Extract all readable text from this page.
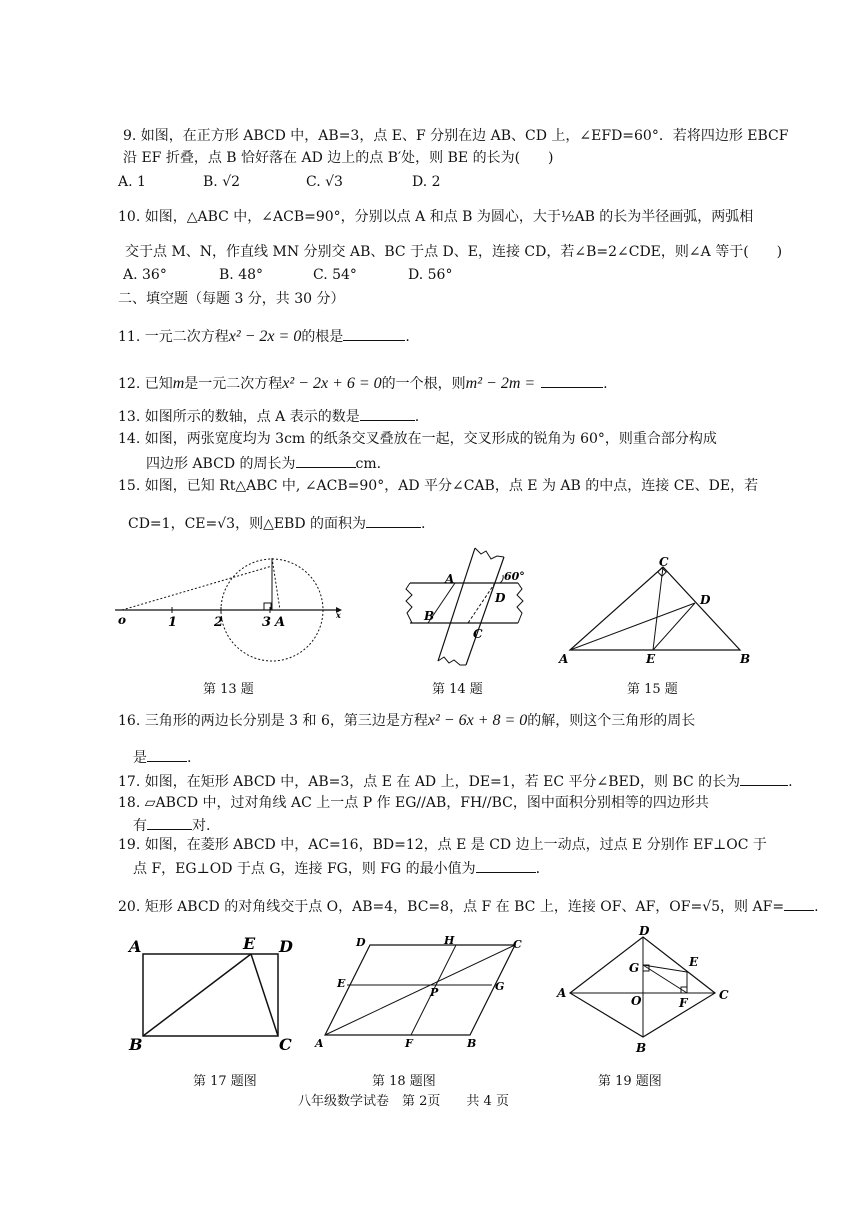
9. 如图，在正方形 ABCD 中，AB=3，点 E、F 分别在边 AB、CD 上，∠EFD=60°．若将四边形 EBCF
沿 EF 折叠，点 B 恰好落在 AD 边上的点 B′处，则 BE 的长为(　　)
A. 1	B. √2	C. √3	D. 2
10. 如图，△ABC 中，∠ACB=90°，分别以点 A 和点 B 为圆心，大于½AB 的长为半径画弧，两弧相
交于点 M、N，作直线 MN 分别交 AB、BC 于点 D、E，连接 CD，若∠B=2∠CDE，则∠A 等于(　　)
A. 36°	B. 48°	C. 54°	D. 56°
二、填空题（每题 3 分，共 30 分）
11. 一元二次方程x² − 2x = 0的根是	.
12. 已知m是一元二次方程x² − 2x + 6 = 0的一个根，则m² − 2m =	.
13. 如图所示的数轴，点 A 表示的数是	.
14. 如图，两张宽度均为 3cm 的纸条交叉叠放在一起，交叉形成的锐角为 60°，则重合部分构成
四边形 ABCD 的周长为	cm.
15. 如图，已知 Rt△ABC 中, ∠ACB=90°，AD 平分∠CAB，点 E 为 AB 的中点，连接 CE、DE，若
CD=1，CE=√3，则△EBD 的面积为	.
o	1	2	3 A	x
第 13 题
A
D
B
C
60°
第 14 题
C
D
A	E	B
第 15 题
16. 三角形的两边长分别是 3 和 6，第三边是方程x² − 6x + 8 = 0的解，则这个三角形的周长
是	.
17. 如图，在矩形 ABCD 中，AB=3，点 E 在 AD 上，DE=1，若 EC 平分∠BED，则 BC 的长为	.
18. ▱ABCD 中，过对角线 AC 上一点 P 作 EG//AB，FH//BC，图中面积分别相等的四边形共
有	对.
19. 如图，在菱形 ABCD 中，AC=16，BD=12，点 E 是 CD 边上一动点，过点 E 分别作 EF⊥OC 于
点 F，EG⊥OD 于点 G，连接 FG，则 FG 的最小值为	.
20. 矩形 ABCD 的对角线交于点 O，AB=4，BC=8，点 F 在 BC 上，连接 OF、AF，OF=√5，则 AF= .
A	E D
B	C
第 17 题图
D	H	C
E
P	G
A	F	B
第 18 题图
D
G	E
A
O	F
C
B
第 19 题图
八年级数学试卷　第 2页　　共 4 页
